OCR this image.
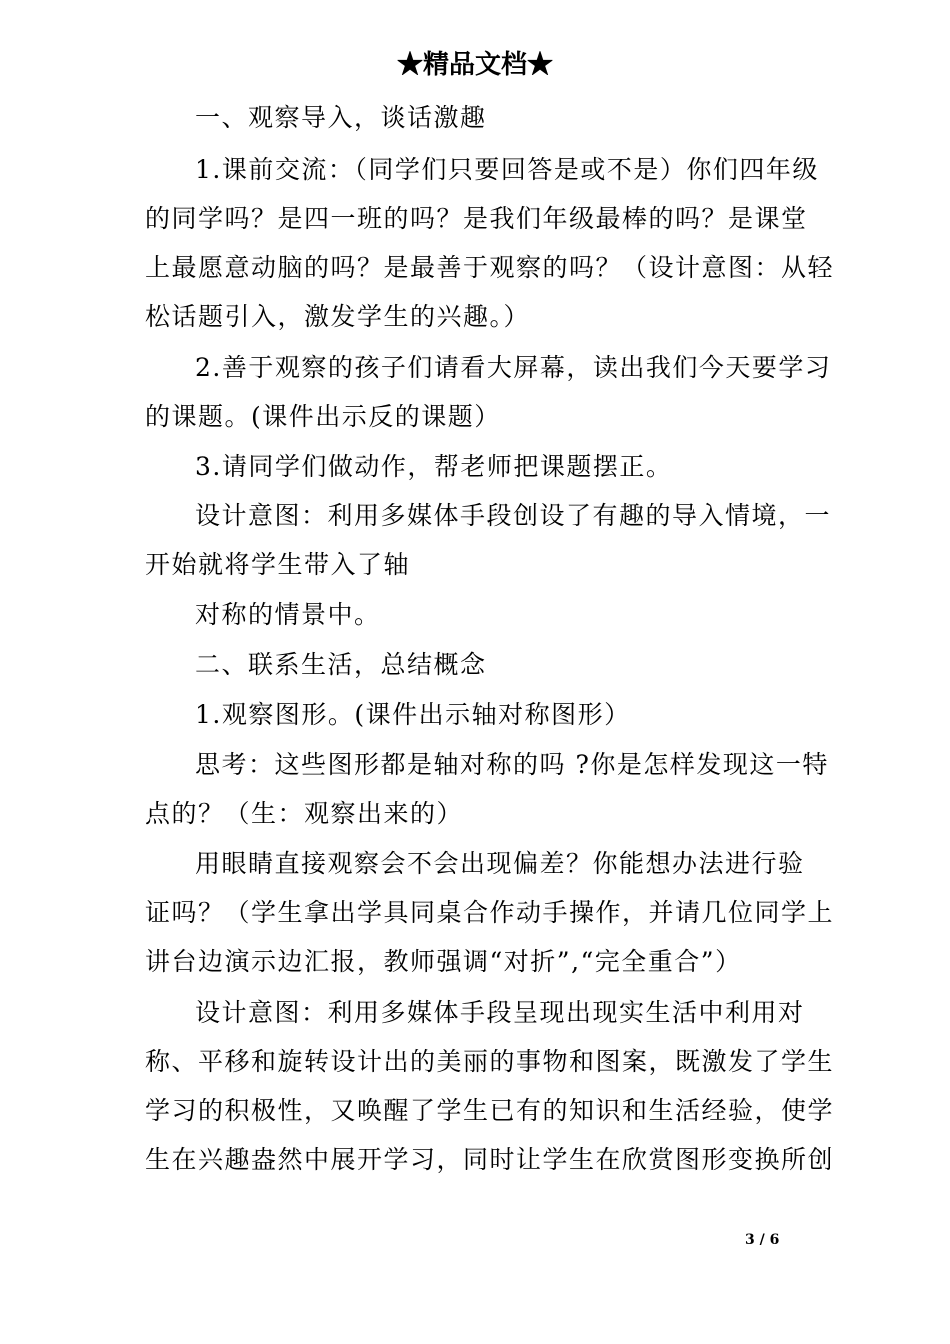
★精品文档★
一、观察导入，谈话激趣
1.课前交流：（同学们只要回答是或不是）你们四年级
的同学吗？是四一班的吗？是我们年级最棒的吗？是课堂
上最愿意动脑的吗？是最善于观察的吗？（设计意图：从轻
松话题引入，激发学生的兴趣。）
2.善于观察的孩子们请看大屏幕，读出我们今天要学习
的课题。(课件出示反的课题）
3.请同学们做动作，帮老师把课题摆正。
设计意图：利用多媒体手段创设了有趣的导入情境，一
开始就将学生带入了轴
对称的情景中。
二、联系生活，总结概念
1.观察图形。(课件出示轴对称图形）
思考：这些图形都是轴对称的吗 ?你是怎样发现这一特
点的？（生：观察出来的）
用眼睛直接观察会不会出现偏差？你能想办法进行验
证吗？（学生拿出学具同桌合作动手操作，并请几位同学上
讲台边演示边汇报，教师强调“对折”,“完全重合”）
设计意图：利用多媒体手段呈现出现实生活中利用对
称、平移和旋转设计出的美丽的事物和图案，既激发了学生
学习的积极性，又唤醒了学生已有的知识和生活经验，使学
生在兴趣盎然中展开学习，同时让学生在欣赏图形变换所创
3 / 6
